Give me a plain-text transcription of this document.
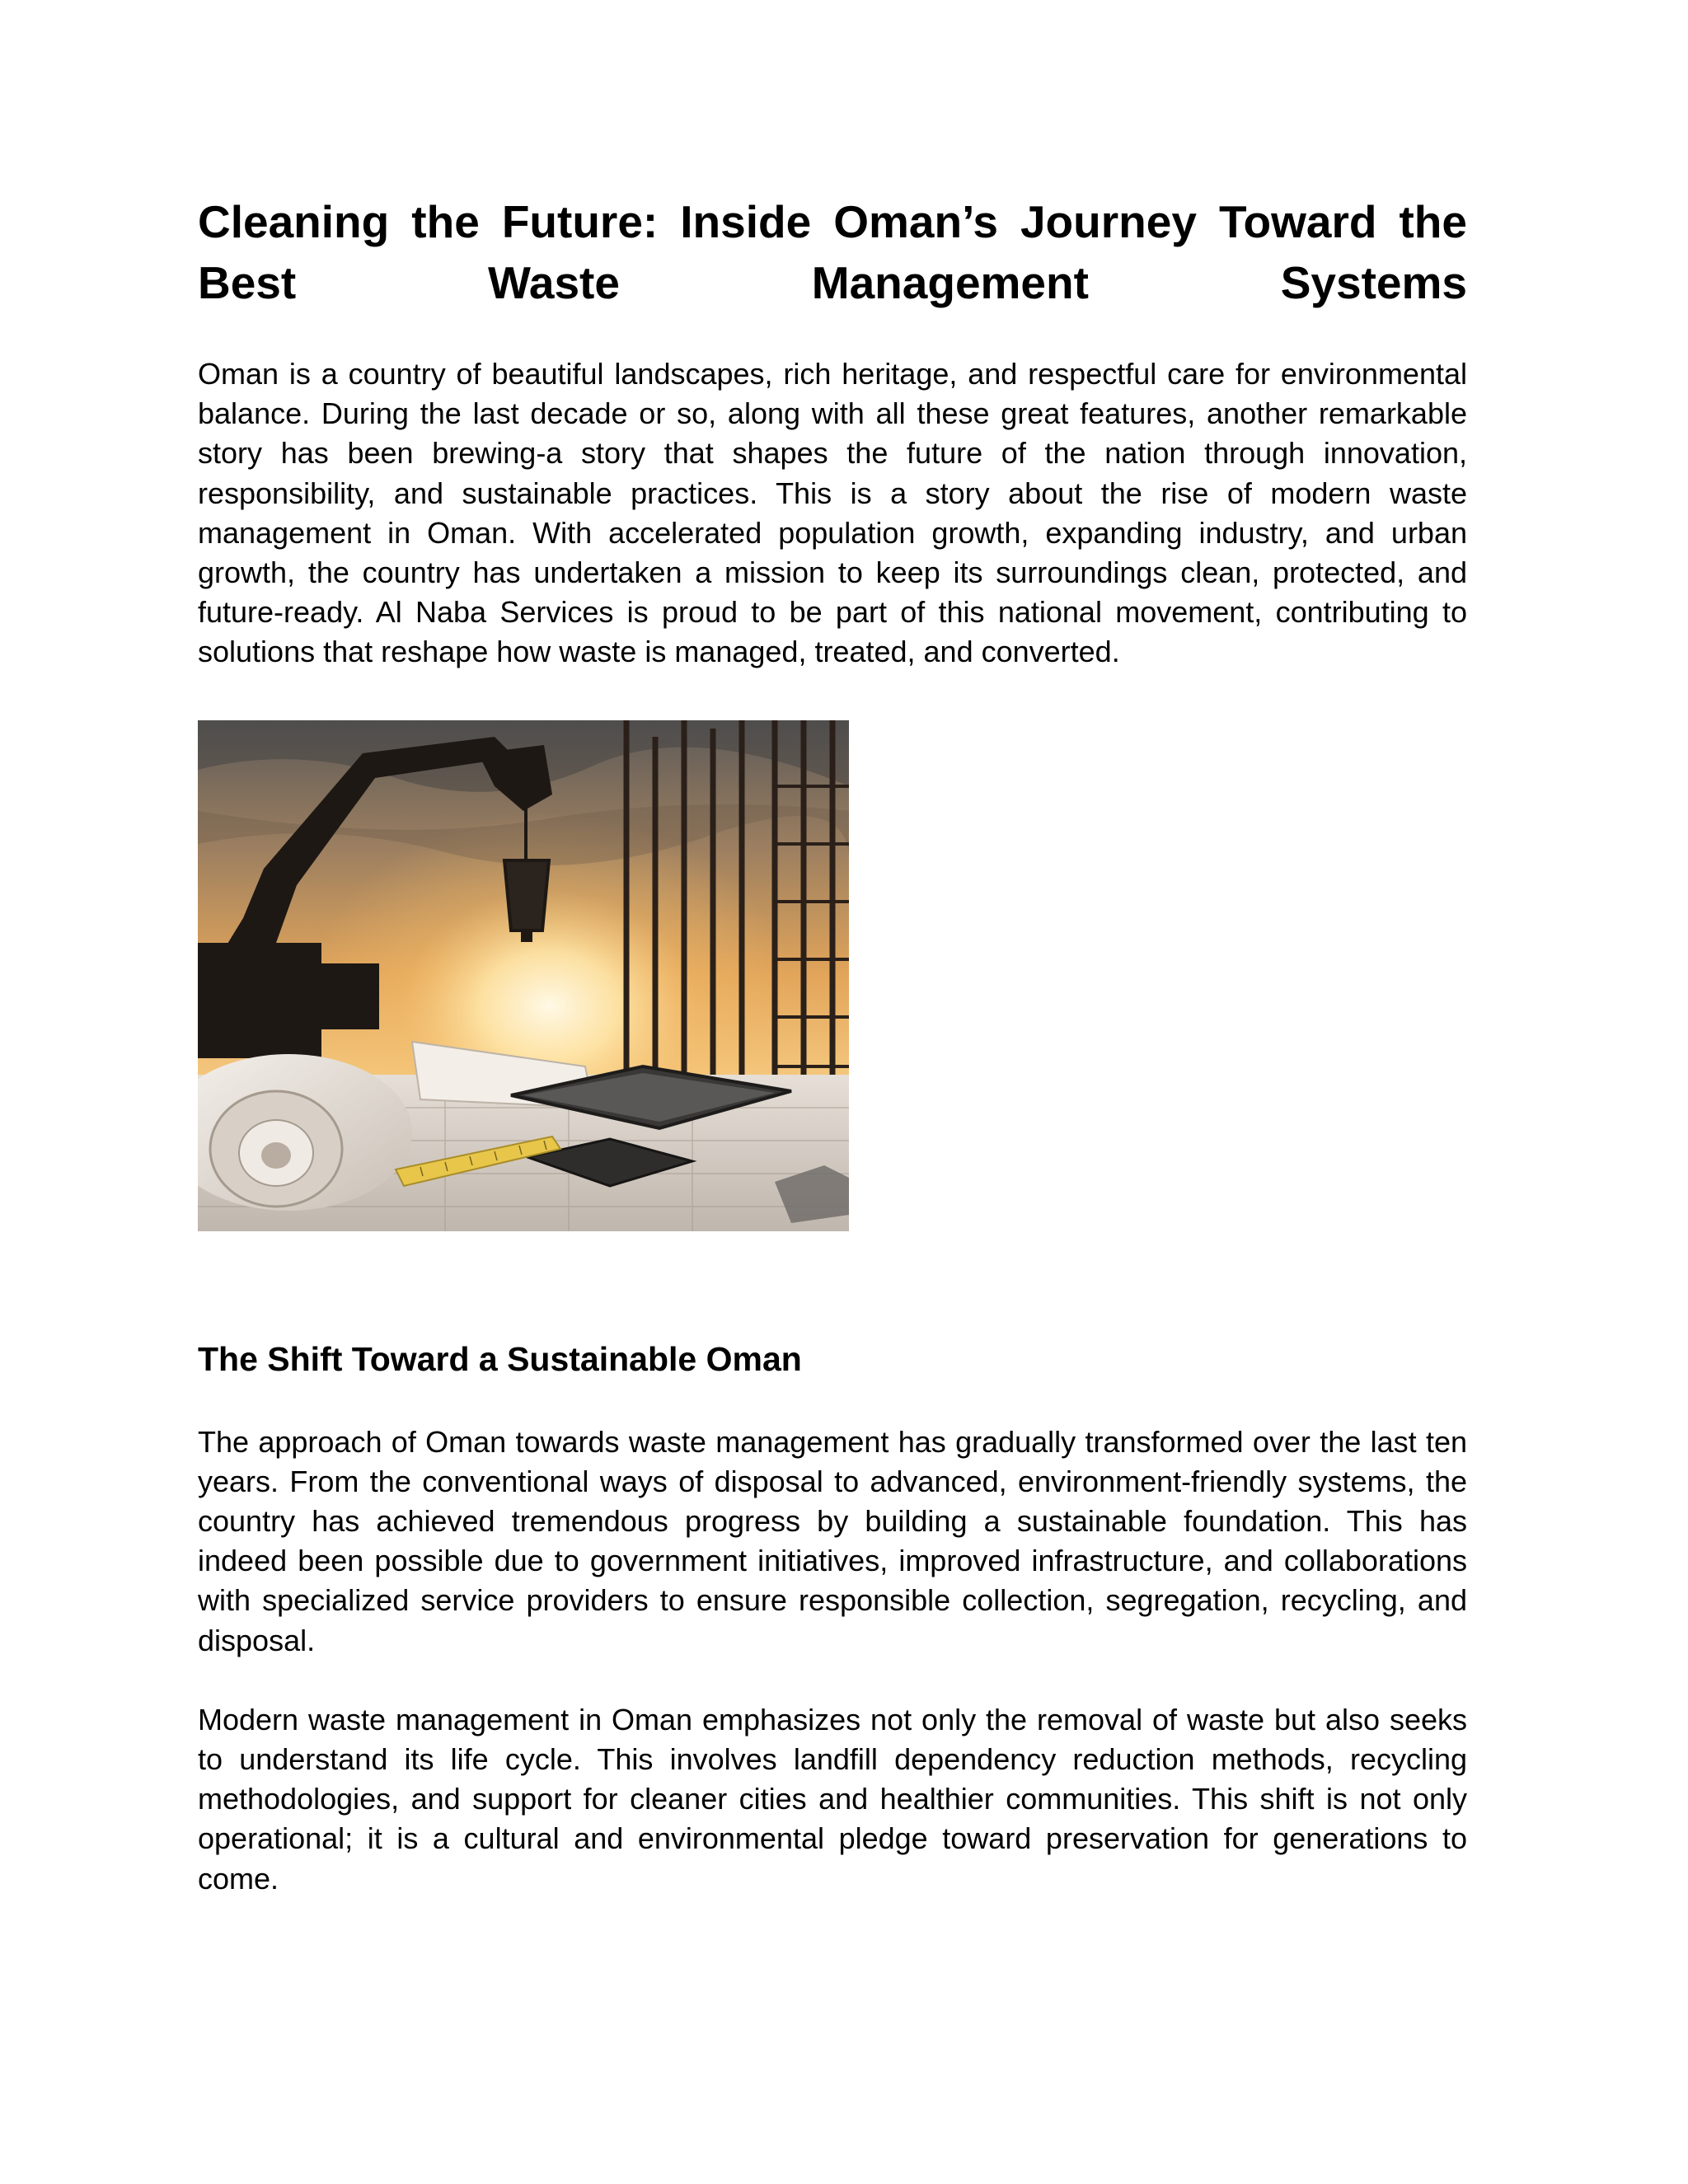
Cleaning the Future: Inside Oman’s Journey Toward the Best Waste Management Systems

Oman is a country of beautiful landscapes, rich heritage, and respectful care for environmental balance. During the last decade or so, along with all these great features, another remarkable story has been brewing-a story that shapes the future of the nation through innovation, responsibility, and sustainable practices. This is a story about the rise of modern waste management in Oman. With accelerated population growth, expanding industry, and urban growth, the country has undertaken a mission to keep its surroundings clean, protected, and future-ready. Al Naba Services is proud to be part of this national movement, contributing to solutions that reshape how waste is managed, treated, and converted.

The Shift Toward a Sustainable Oman

The approach of Oman towards waste management has gradually transformed over the last ten years. From the conventional ways of disposal to advanced, environment-friendly systems, the country has achieved tremendous progress by building a sustainable foundation. This has indeed been possible due to government initiatives, improved infrastructure, and collaborations with specialized service providers to ensure responsible collection, segregation, recycling, and disposal.

Modern waste management in Oman emphasizes not only the removal of waste but also seeks to understand its life cycle. This involves landfill dependency reduction methods, recycling methodologies, and support for cleaner cities and healthier communities. This shift is not only operational; it is a cultural and environmental pledge toward preservation for generations to come.
